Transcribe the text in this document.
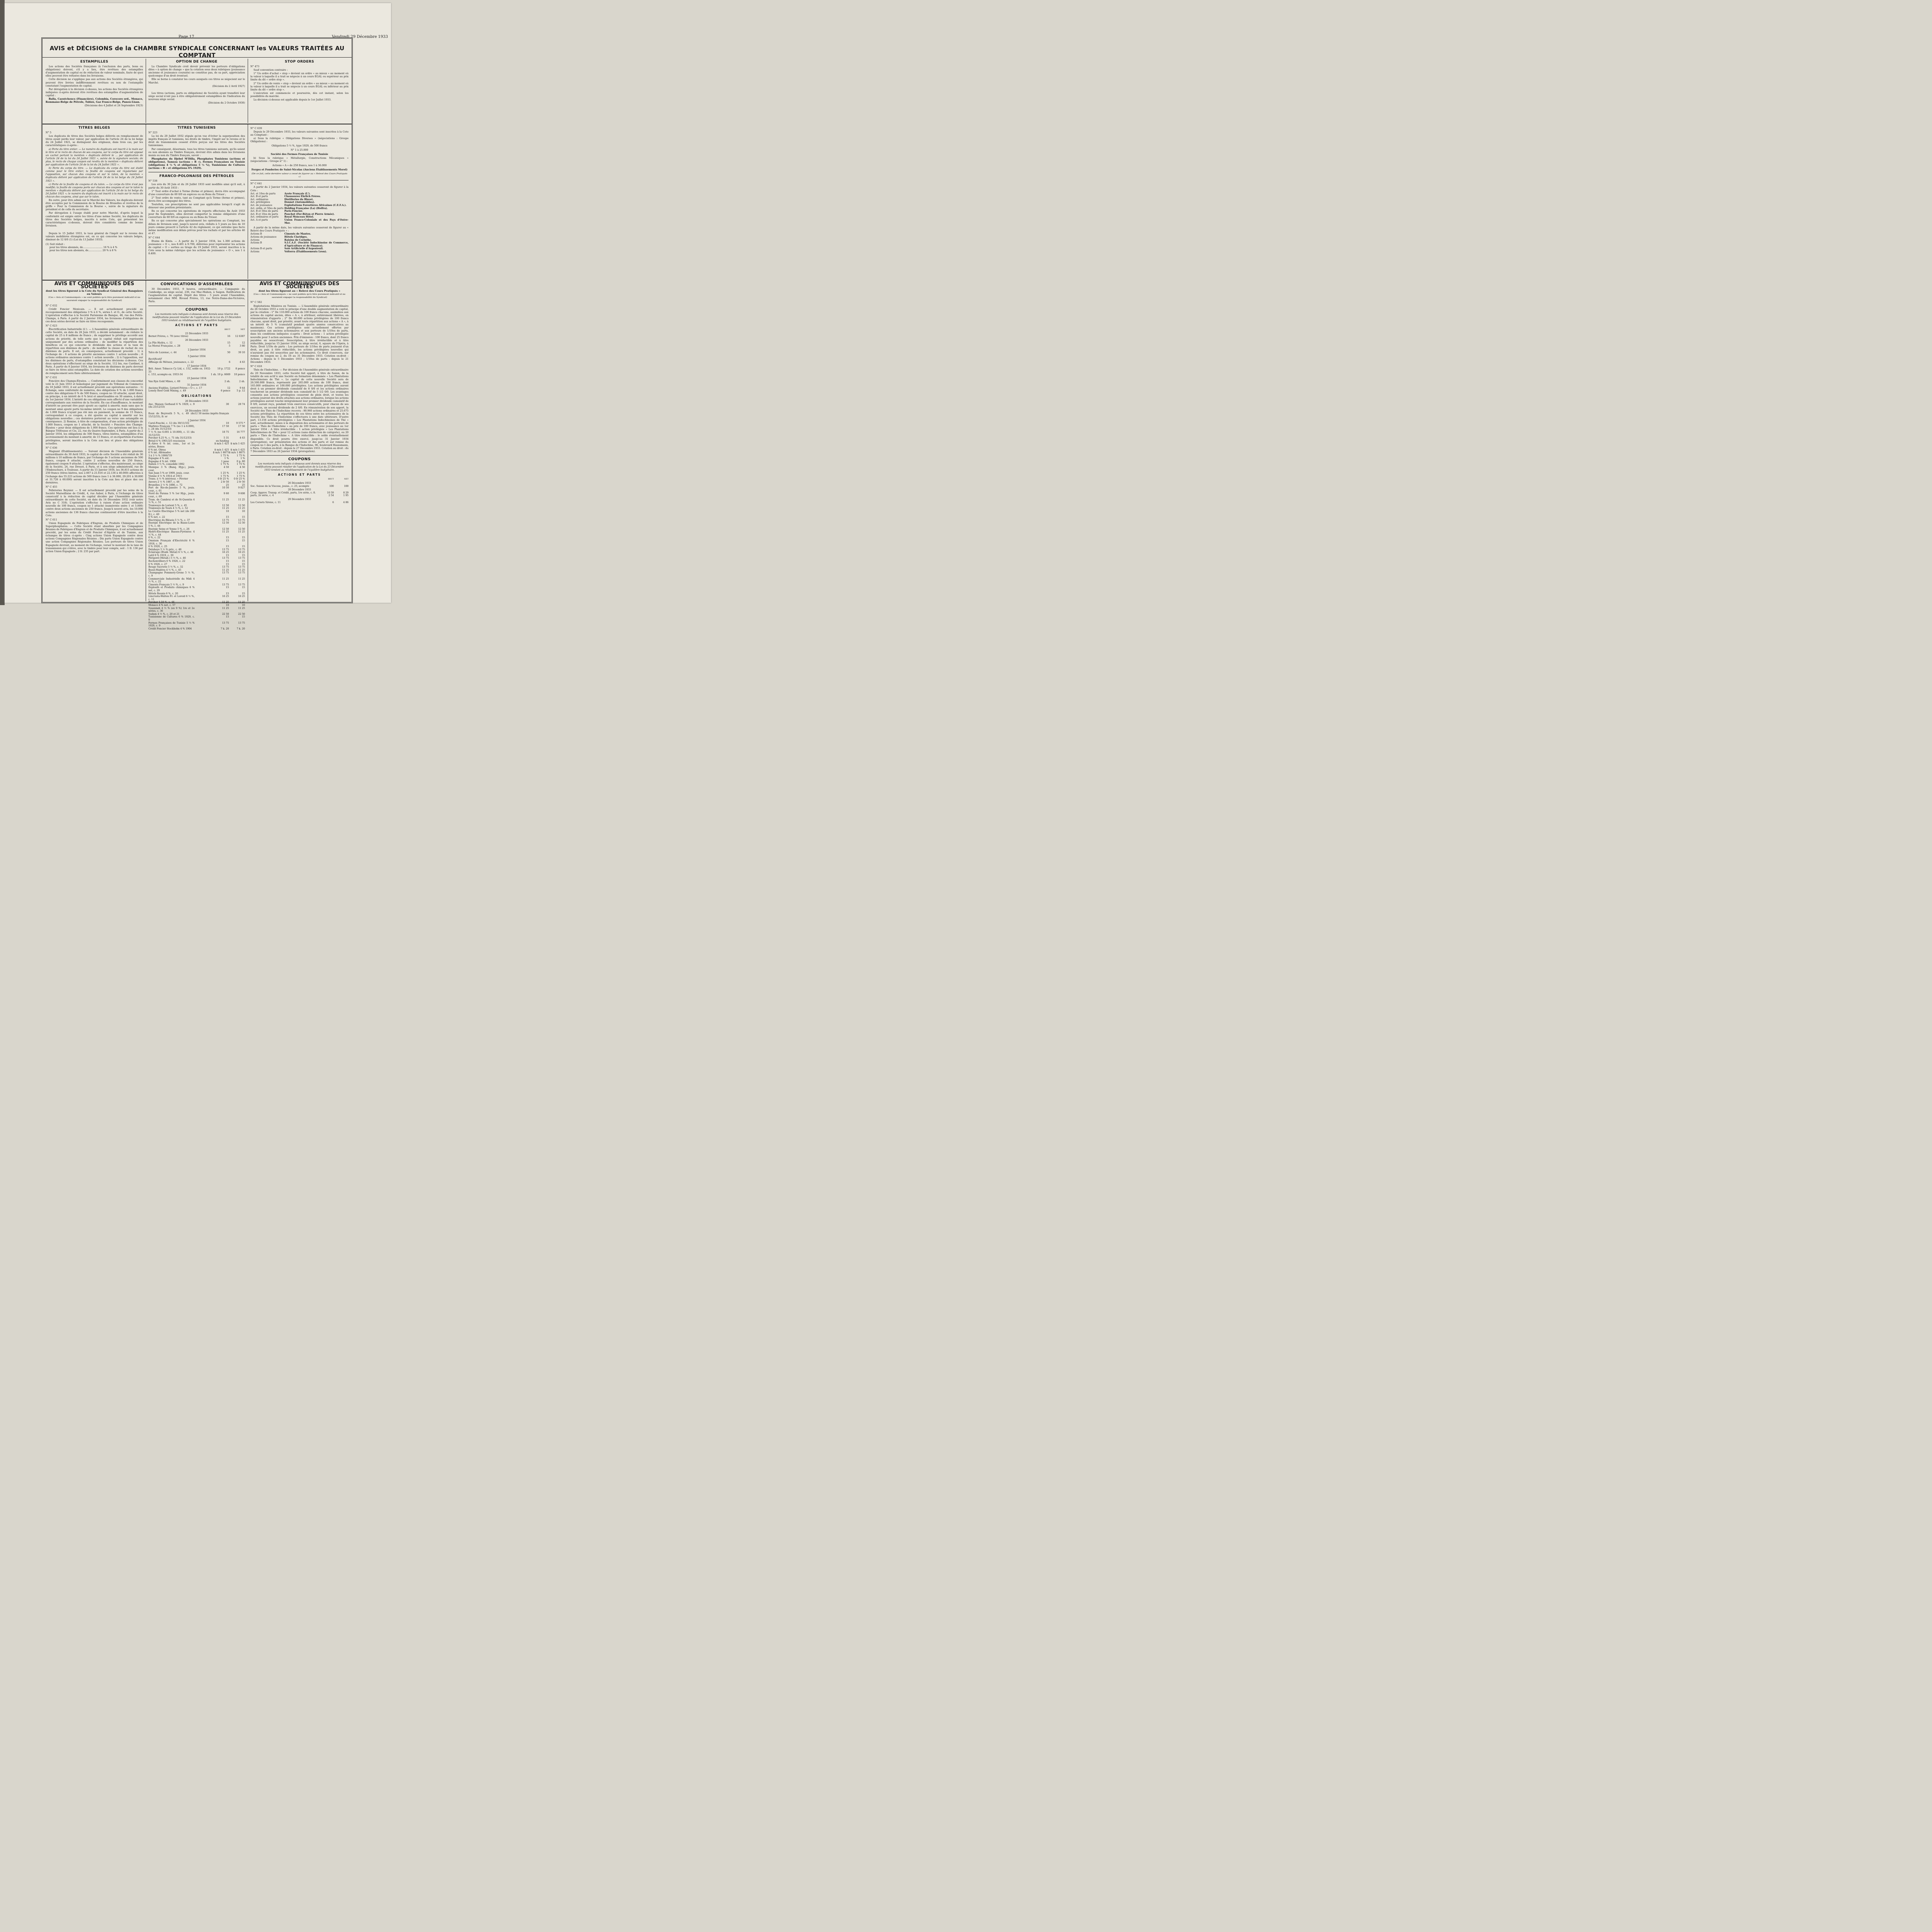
Page 17	Vendredi 29 Décembre 1933
AVIS et DÉCISIONS de la CHAMBRE SYNDICALE CONCERNANT les VALEURS TRAITÉES AU COMPTANT
ESTAMPILLES

Les actions des Sociétés françaises (à l'exclusion des parts, bons ou obligations) doivent, s'il y a lieu, être revêtues des estampilles d'augmentation de capital ou de réduction de valeur nominale, faute de quoi elles peuvent être refusées dans les livraisons.

Cette décision ne s'applique pas aux actions des Sociétés étrangères, qui peuvent être livrées indifféremment revêtues ou non de l'estampille constatant l'augmentation de capital.

Par dérogation à la décision ci-dessus, les actions des Sociétés étrangères indiquées ci-après doivent être revêtues des estampilles d'augmentation de capital :

Balla, Caoutchoucs (Financière), Colombia, Corocoro ord., Monaco, Rommano-Belge de Pétrole, Tubize, Gaz Franco-Belge, Panou-Lisan.

(Décisions des 4 Juillet et 24 Septembre 1923)
OPTION DE CHANGE

La Chambre Syndicale croit devoir prévenir les porteurs d'obligations dites « à option de change » que la cotation sous deux rubriques (jouissance ancienne et jouissance courante) ne constitue pas, de sa part, appréciation quelconque d'un droit éventuel.

Elle se borne à constater les cours auxquels ces titres se négocient sur le Marché.

(Décision du 2 Avril 1927)

Les titres (actions, parts ou obligations) de Sociétés ayant transféré leur siège social n'ont pas à être obligatoirement estampillées de l'indication du nouveau siège social.

(Décision du 2 Octobre 1930)
STOP ORDERS
N° 473

Sauf convention contraire :

1° Un ordre d'achat « stop » devient un ordre « au mieux » au moment où la valeur à laquelle il a trait se négocie à un cours ÉGAL ou supérieur au prix limite du dit « ordre stop ».

2° Un ordre de vente « stop » devient un ordre « au mieux » au moment où la valeur à laquelle il a trait se négocie à un cours ÉGAL ou inférieur au prix limite du dit « ordre stop ».

L'exécution est commencée et poursuivie, dès cet instant, selon les possibilités du marché.

La décision ci-dessus est applicable depuis le 1er Juillet 1933.

TITRES BELGES
N° 5

Les duplicata de titres des Sociétés belges délivrés en remplacement de titres ayant perdu leur valeur, par application de l'article 24 de la loi belge du 24 Juillet 1921, se distinguent des originaux, dans trois cas, par les caractéristiques ci-après :

a) Perte du titre entier. — Le numéro du duplicata est inscrit à la main sur le titre et le recto de chacun de ses coupons, sur le corps du titre est apposé un cachet portant la mention « duplicata délivré le ... par application de l'article 24 de la loi du 24 Juillet 1921 », suivie de la signature sociale; de plus, le recto de chaque coupon est revêtu de la mention « duplicata délivré par application de l'article 24 de la loi du 24 Juillet 1921 ».

b) Perte du corps du titre. — Le duplicata du corps du titre est établi comme pour le titre entier; la feuille de coupons est régularisée par l'apposition, sur chacun des coupons et sur le talon, de la mention « duplicata délivré par application de l'article 24 de la loi belge du 24 Juillet 1921 ».

c) Perte de la feuille de coupons et du talon. — Le corps du titre n'est pas modifié; la feuille de coupons porte sur chacun des coupons et sur le talon la mention « duplicata délivré par application de l'article 24 de la loi belge du 24 Juillet 1921 »; le numéro du duplicata est inscrit à la main sur le recto de chacun des coupons, ainsi que sur le talon.

En outre, pour être admis sur le Marché des Valeurs, les duplicata doivent être acceptés par la Commission de la Bourse de Bruxelles et revêtus de la griffe « Pour la Commission de la Bourse », suivie de la signature du président et de celle du secrétaire.

Par dérogation à l'usage établi pour notre Marché, d'après lequel la conformité est exigée entre les titres d'une même Société, les duplicata de titres des Sociétés belges, inscrits à notre Cote, qui présentent les caractéristiques ci-dessus, doivent être considérés comme de bonne livraison.

Depuis le 15 Juillet 1933, le taux général de l'impôt sur le revenu des valeurs mobilières étrangères est, en ce qui concerne les valeurs belges, diminué de 12 0/0 (1) (Loi du 13 Juillet 1933).

(1) Soit réduit :
pour les titres abonnés, de......................... 16 % à 4 %
pour les titres non abonnés, de................. 20 % à 8 %
TITRES TUNISIENS
N° 223

La loi du 20 Juillet 1932 stipule qu'en vue d'éviter la superposition des impôts français et tunisiens, les droits de timbre, l'impôt sur le revenu et le droit de transmission cessent d'être perçus sur les titres des Sociétés tunisiennes.

Par conséquent, désormais, tous les titres tunisiens suivants, qu'ils soient ou non abonnés au Timbre français, devront être admis dans les livraisons munis ou non du Timbre français, savoir :

Phosphates du Djebel M'Dilla, Phosphates Tunisiens (actions et obligations), Tameza (actions « B »), Fermes Françaises en Tunisie (obligations 4 ½ % et obligations 5 ½ %), Tunisienne de Cultures (actions « B » et obligations 6% 1929).

FRANCO-POLONAISE DES PÉTROLES
N° 538

Les avis du 30 Juin et du 26 Juillet 1933 sont modifiés ainsi qu'il suit, à partir du 30 Août 1933 :

1° Tout ordre d'achat à Terme (ferme et primes), devra être accompagné d'une couverture de 60 0/0 en espèces ou en Bons du Trésor ;

2° Tout ordre de vente, tant au Comptant qu'à Terme (ferme et primes), devra être accompagné des titres.

Toutefois, ces prescriptions ne sont pas applicables lorsqu'il s'agit de dénouer une position préexistante.

En ce qui concerne les opérations de reports effectuées fin Août 1933 pour fin Septembre, elles devront comporter la remise obligatoire d'une couverture de 60 0/0 en espèces ou en Bons du Trésor.

En ce qui concerne plus spécialement les opérations au Comptant, les délais de livraison sont, jusqu'à nouvel avis, réduits à 5 jours au lieu de 10 jours comme prescrit à l'article 42 du règlement, ce qui entraîne ipso facto même modification aux délais prévus pour les rachats et par les articles 46 et 47.

N° C 644

Etains de Kinta. — A partir du 3 Janvier 1934, les 1.300 actions de jouissance « O », nos 8.401 à 9.700, délivrées pour représenter les actions de capital « O » sorties au tirage du 19 Juillet 1933, seront inscrites à la Cote sous la même rubrique que les actions de jouissance « O », nos 1 à 8.400.

N° C 639

Depuis le 29 Décembre 1933, les valeurs suivantes sont inscrites à la Cote au Comptant :

a) Sous la rubrique « Obligations Diverses » (négociations : Groupe Obligations) :

Obligations 5 ½ %, type 1929, de 500 francs
N° 1 à 25.000
Société des Fermes Françaises de Tunisie

b) Sous la rubrique « Métallurgie, Constructions Mécaniques » (négociations : Groupe n° 1) :

Actions « A » de 250 francs, nos 1 à 36.000
Forges et Fonderies de Saint-Nicolas (Anciens Établissements Morel)
(De ce fait, cette dernière valeur a cessé de figurer au « Relevé des Cours Pratiqués »)
N° C 641

A partir du 2 Janvier 1934, les valeurs suivantes cesseront de figurer à la Cote :

Act. et 10es de parts	Azote Français (L').
Act. B et parts	Chaussures Ehrlich Frères.
Act. ordinaires	Distilleries du Blavet.
Act. privilégiées	Donnet (Automobiles).
Act. de jouissance	Exploitations Forestières Africaines (C.E.F.A.).
Act. ordin. et 50es de parts	Holding Française (La) (Holfra).
Act. B et 50es de parts	Paris-Foncier.
Act. B et 10es de parts	Pauchot (Fer-Béton et Pierre Armée).
Act. ordinaires et parts	Royal Monceau Hôtel.
Act. A et parts	Union Franco-Coloniale et des Pays d'Outre-Mer.

A partir de la même date, les valeurs suivantes cesseront de figurer au « Relevé des Cours Pratiqués » :

Actions B	Ciments de Mantes.
Actions de jouissance	Hôtels Claridges.
Actions	Raisins de Corinthe.
Actions B	S.I.C.A.F. (Société Indochinoise de Commerce, d'Agriculture et de Finance).
Actions B et parts	Soie Artificielle d'Argenteuil.
Actions	Volterra (Établissements Léon).
AVIS ET COMMUNIQUÉS DES SOCIÉTÉS
dont les titres figurent à la Cote du Syndicat Général des Banquiers en Valeurs
(Ces « Avis et Communiqués » ne sont publiés qu'à titre purement indicatif et ne sauraient engager la responsabilité du Syndicat)
N° C 632

Crédit Foncier Mexicain. — Il est actuellement procédé au recouponnement des obligations 3 % à 6 %, séries I. et O., de cette Société. L'opération s'effectue à la Société Parisienne de Banque, 48, rue des Petits-Champs, à Paris. A partir du 2 Janvier 1934, les livraisons d'obligations de ces deux séries devront se faire en titres recouponnés.

N° C 623

Électrification Industrielle (L'). — L'Assemblée générale extraordinaire de cette Société, en date du 26 Juin 1933, a décidé notamment : de réduire le capital de 25 à 8 millions de francs ; de supprimer le privilège accordé aux actions de priorité, de telle sorte que le capital réduit soit représenté uniquement par des actions ordinaires ; de modifier la répartition des bénéfices en ce qui concerne le dividende des actions et la taux de répartition aux dixièmes de parts ; de modifier la clause de rachat de ces dixièmes de parts. Il est, en conséquence, actuellement procédé : 1) à l'échange de : 6 actions de priorité anciennes contre 1 action nouvelle ; 8 actions ordinaires anciennes contre 1 action nouvelle ; 2) à l'apposition, sur les dixièmes de parts, d'estampilles constatant les décisions ci-dessus. Ces deux opérations s'effectuent au siège de la Société, 112 bis, rue Cardinet, à Paris. A partir du 8 Janvier 1934, les livraisons de dixièmes de parts devront se faire en titres ainsi estampillés. La date de cotation des actions nouvelles de remplacement sera fixée ultérieurement.

N° C 631

Foncière des Champs-Élysées. — Conformément aux clauses du concordat voté le 21 Juin 1933 et homologué par jugement du Tribunal de Commerce du 18 Juillet 1933, il est actuellement procédé aux opérations suivantes : 1) Échange, sans conformité de numéros, des obligations 6 % de 1.000 francs contre des obligations 6 % de 500 francs, coupon no 10 attaché, ayant droit, en principe, à un intérêt de 6 % brut et amortissables en 30 années, à dater du 1er Janvier 1934. L'intérêt de ces obligations sera affecté d'une variabilité correspondante aux rentrées de la Société. En cas d'insuffisance, le montant d'intérêt ne pouvant être payé ajouté au capital à amortir, mais sans que le montant ainsi ajouté porte lui-même intérêt. Le coupon no 9 des obligations de 1.000 francs n'ayant pas été mis en paiement, la somme de 15 francs, correspondant à ce coupon, a été ajoutée au capital à amortir sur les obligations nouvelles ; ces dernières porteront au verso une estampille en conséquence. 2) Remise, à titre de compensation, d'une action privilégiée de 1.000 francs, coupon no 1 attaché, de la Société « Foncière des Champs-Élysées » pour deux obligations de 1.000 francs. Ces opérations ont lieu à la Banque Tréfousse et Cie, 22, rue du Quatre-Septembre, à Paris. A partir du 2 Janvier 1934, les obligations de 500 francs, titres bistres, estampillées d'un accroissement du montant à amortir, de 15 francs, et ex-répartition d'actions privilégiées, seront inscrites à la Cote aux lieu et place des obligations actuelles.

N° C 636

Magnant (Établissements). — Suivant décision de l'Assemblée générale extraordinaire du 30 Avril 1933, le capital de cette Société a été réduit de 30 millions à 10 millions de francs, par l'échange de 3 actions anciennes de 500 francs, coupon 8 attaché, contre 2 actions nouvelles de 250 francs, également coupon 9 attaché. L'opération s'effectue, dès maintenant, au siège de la Société, 24, rue Drouot, à Paris, et à son siège administratif, rue de l'Embouchure, à Toulouse. A partir du 15 Janvier 1934, les 36.815 actions de 250 francs (titres bistres, nos 2.667 à 21.616 et 22.136 à 40.000) affectées à l'échange des 55.223 actions de 500 francs (nos 1 à 36.000, 29.201 à 30.000 et 31.726 à 60.000) seront inscrites à la Cote aux lieu et place des ces dernières.

N° C 455

Pelleteries Reynier. — Il est actuellement procédé par les soins de la Société Marseillaise de Crédit, 4, rue Auber, à Paris, à l'échange de titres consécutif à la réduction de capital décidée par l'Assemblée générale extraordinaire de cette Société, en date du 14 Décembre 1932 (voir notre Avis no C 318). L'opération s'effectue à raison d'une action ordinaire nouvelle de 100 francs, coupon no 1 attaché (numérotée entre 1 et 5.000) contre deux actions anciennes de 250 francs. Jusqu'à nouvel avis, les 10.000 actions anciennes de 136 francs chacune continueront d'être inscrites à la Cote.

N° C 611

Union Espagnole de Fabriques d'Engrais, de Produits Chimiques et de Superphosphates. — Cette Société étant absorbée par les Compagnies Réunies de Fabriques d'Engrais et de Produits Chimiques, il est actuellement procédé, par les soins du Crédit Foncier d'Algérie et de Tunisie, aux échanges de titres ci-après : Cinq actions Union Espagnole contre deux actions Compagnies Régionales Réunies ; Dix parts Union Espagnole contre une action Compagnies Régionales Réunies. Les porteurs de titres Union Espagnole devront, au moment de l'échange, verser le montant de la taxe de transmission qui s'élève, avec le timbre pour leur compte, soit : 1 fr. 136 par action Union Espagnole ; 2 fr. 235 par part.

CONVOCATIONS D'ASSEMBLÉES

30 Décembre 1933, 9 heures, extraordinaire. — Compagnie du Cambodge, au siège social, 236, rue Mac-Mahon, à Saigon. Ratification de l'augmentation de capital. Dépôt des titres : 5 jours avant l'Assemblée, notamment chez MM. Rivaud Frères, 13, rue Notre-Dame-des-Victoires, Paris.

COUPONS
Les montants nets indiqués ci-dessous sont donnés sous réserve des modifications pouvant résulter de l'application de la Loi du 23 Décembre 1933 tendant au rétablissement de l'équilibre budgétaire.
ACTIONS ET PARTS
	BRUT	NET
23 Décembre 1933		
Bernot Frères, c. 78 (avec titres)	16	12 6387
26 Décembre 1933		
La Pile Hydra, c. 12	15	12
La Morue Française, c. 28	5	3 80
2 Janvier 1934		
Talcs de Luzenac, c. 44	50	39 10
5 Janvier 1934		
Rectificatif		
Affinage de Métaux, jouissance, c. 22	6	4 63
17 Janvier 1934		
Brit. Amer. Tobacco Cy Ltd, c. 152, solde ex. 1932-33	10 p. 1722	8 pence
c. 153, acompte ex. 1933-34	1 sh. 10 p. 6669	10 pence
23 Janvier 1934		
Van Ryn Gold Mines, c. 60	2 sh.	2 sh.
31 Janvier 1934		
Anciens Etabliss. Liotard Frères « O », c. 17	12	9 44
Lonely Reef Gold Mining, c. 49	6 pence	5 p. 12
OBLIGATIONS
26 Décembre 1933		
Anc. Maison Gerbaud 6 % 1929, c. 9 (du 25/12/33)	30	28 74
28 Décembre 1933		
Eaux de Beyrouth 5 %, c. 49 (du 15/12/33), fr. or	12 50 moins impôts français	
2 Janvier 1934		
Carel-Fouché, c. 12 (du 30/11/33)	10	9 575 *
Marbres Français 7 % (no 1 à 6.000), c. 24 (du 31/12/33)	17 50	17 50
7 ½ % (no 6.001 à 10.000), c. 11 (du 31/12/33)	18 75	16 777
Porcher 4.25 %, c. 71 (du 31/12/33)	5 31	4 63
Brésil 4 % 1901/2/5 rescission	en funding	
B.-Aires 6 % int. cons., 1er et 2e séries, Bonos	$ m/n 1 425	$ m/n 1 425
6 % int. Obras	$ m/n 1 425	$ m/n 1 425
6 % int. Afirmados	$ m/n 1 8875	$ m/n 1 8875
3 à 3 ½ % 1906/7/9	1 75 %	1 75 %
Espagne 4 % ext.	1 %	1 %
Espagne 4 % int. 1908	1 peso	0 p. 80
Italien 3 ½ %, consolidé 1902	1 75 %	1 75 %
Mexique 3 % (Banq. Hyp.), jouis. cour.	4 50	4 50
San Juan 5 % or 1909, jouis. cour.	1 25 %	1 25 %
Vienne 4 ½ % 1914 et 1915	1 75 %	1 75 %
Trans. à ½ % intérieur, « Février	0 fr 25 %	0 fr 25 %
Anvers 2 ½ % 1887, c. 46	2 fr 50	2 fr 50
Bruxelles 2 ½ % 1886, c. 72	25	25
Port de Rio-de-Janeiro 5 %, jouis. cour., c. 61	10 50	9 827
Nord du Parana 5 % 1er Hyp., jouis. cour., c. 69	9 60	9 608
Tram. de Cambrai et de St-Quentin 4 ½ %, c. 51	11 25	11 25
Tramways de Lorient 5 %, c. 45	12 50	12 50
Tramways de Tours 4 ½ %, c. 52	11 25	11 25
Le Centre Electrique 5 % net (de 200 fr.), c. 40	10	10
6 % net, c. 22	15	15
Electrique du Blésois 5 ½ %, c. 37	13 75	13 75
Energie Electrique de la Basse-Loire 5 %, c. 44	12 50	12 50
Energie Seine et Yonne 5 %, c. 26	12 50	12 50
Hydro-Electrique Basses-Pyrénées 4 ½ %, c. 44	11 25	11 25
6 %, c. 22	15	15
Omnium Français d'Electricité 6 % 1918, c. 36	15	15
6 % 1920, c. 25	15	15
Delahaye 5 ½ % priv., c. 46	13 75	13 75
Eclairage (Établ. Métal) 6 ½ %, c. 46	16 25	16 25
Latil 6 % 1919, c. 30	15	15
Périgord (Métall.) 5 ½ %, c. 46	13 75	13 75
Rochonvilliers 6 % 1926, c. 22	15	15
6 % 1926, c. 27	15	15
Rouge Sucrerie 5 ½ %, c. 32	13 75	13 75
Bozel-Malétra 4 ½ %, c. 45	11 25	11 25
Champagne Pommery-Greno 5 ½ %, c. 9	13 75	13 75
Commerciale Industrielle du Midi 4 ½ %, c. 22	11 25	11 25
Ciments Français 5 ½ %, c. 9	13 75	13 75
Explosifs et Produits chimiques 6 % net, c. 29	15	15
Hôtels Reunis 6 %, c. 20	15	15
Lincrusta-Walton Fr. et Loreid 6 ½ %, c. 11	16 25	16 25
Porcher 4,50 %, c. 46	11 25	11 25
Monaco 4 % net, c. 57	10	10
Susannah 4 ½ % (ex 9 %) 1re et 2e séries, c. 36	11 25	11 25
Sudam 4 ½ %, c. 20 et 21	22 50	22 50
Tunisienne de Cultures 6 % 1929, c. 9	15	15
Fermes Françaises de Tunisie 5 ½ % 1929, c. 9	13 75	13 75
Crédit Foncier Stockholm 4 % 1904	7 k. 20	7 k. 20
AVIS ET COMMUNIQUÉS DES SOCIÉTÉS
dont les titres figurent au « Relevé des Cours Pratiqués »
(Ces « Avis et Communiqués » ne sont publiés qu'à titre purement indicatif et ne sauraient engager la responsabilité du Syndicat)
N° C 582

Exploitations Minières en Tunisie. — L'Assemblée générale extraordinaire du 26 Octobre 1933 a voté le principe d'une double augmentation de capital, par la création : 1° De 110.000 actions de 100 francs chacune, assimilées aux actions du capital ancien, dites « A », à attribuer, entièrement libérées, en rémunération d'apports ; 2° De 80.000 actions privilégiées de 100 francs chacune, ayant droit, par priorité, avant toute répartition aux actions « A », à un intérêt de 5 % (cumulatif pendant quatre années consécutives au maximum). Ces actions privilégiées sont actuellement offertes par souscription aux anciens actionnaires et aux porteurs de 1/10es de parts, dans les conditions indiquées ci-après : Droit actions : 1 action privilégiée nouvelle pour 3 action anciennes. Prix d'émission : 100 francs, dont 25 francs payables en souscrivant. Souscription, à titre irréductible et à titre réductible, jusqu'au 15 Janvier 1934, au siège social, 6, square de l'Opéra, à Paris. Droit 1/10e de parts : Les porteurs de 1/10es de parts jouissent d'un droit, au pair, à titre réductible, les actions privilégiées nouvelles qui n'auraient pas été souscrites par les actionnaires. Ce droit s'exercera, sur remise du coupon no 2, du 16 au 31 Décembre 1933. Cotation ex-droit : Actions : depuis le 5 Décembre 1933 ; 1/10es de parts : depuis le 21 Décembre 1933.

N° C 618

Thés de l'Indochine. — Par décision de l'Assemblée générale extraordinaire du 20 Novembre 1933, cette Société fait apport, à titre de fusion, de la totalité de son actif à une Société en formation dénommée « Les Plantations Indochinoises de Thé ». Le capital de cette nouvelle Société sera de 26.500.000 francs, représenté par 265.000 actions de 100 francs, dont 165.000 ordinaires et 100.000 privilégiées. Les actions privilégiées auront droit à un premier dividende cumulatif de 8 0/0 et les actions ordinaires toucheront un premier dividende non cumulatif de 5 1/2 0/0. Les avantages consentis aux actions privilégiées cesseront de plein droit, et toutes les actions jouiront des droits attachés aux actions ordinaires, lorsque les actions privilégiées auront touché intégralement leur premier dividende cumulatif de 8 0/0, aurant reçu, pendant trois exercices consécutifs, pour chacun de ses exercices, un second dividende de 2 0/0. En rémunération de son apport, la Société des Thés de l'Indochine recevra : 80.960 actions ordinaires et 25.675 actions privilégiées. La répartition de ces titres entre les actionnaires de la Société des Thés de l'Indochine s'effectuera à une date ultérieure. D'autre part, 13.156 actions privilégiées « Les Plantations Indochinoises de Thé » sont, actuellement, mises à la disposition des actionnaires et des porteurs de parts « Thés de l'Indochine » au prix de 100 francs, avec jouissance au 1er Janvier 1934 : A titre irréductible : 1 action privilégiée « Les Plantations Indochinoises de Thé » pour 12 actions (sans distinction de catégorie), ou 20 parts « Thés de l'Indochine ». A titre réductible : le solde éventuellement disponible. Ce droit pourra être exercé, jusqu'au 31 Janvier 1934 (prorogation), sur présentation des actions et des parts et sur remise du coupon no 1 des parts, à la Banque de l'Indochine, 96, boulevard Haussmann, à Paris. Cotation ex-droit : depuis le 27 Décembre 1933. Cotation au droit : du 7 Décembre 1933 au 26 Janvier 1934 (prorogation).

COUPONS
Les montants nets indiqués ci-dessous sont donnés sous réserve des modifications pouvant résulter de l'application de la Loi du 23 Décembre 1933 tendant au rétablissement de l'équilibre budgétaire.
ACTIONS ET PARTS
	BRUT	NET
26 Décembre 1933		
Soc. Suisse de la Viscose, jouiss., c. 25, acompte	100	100
28 Décembre 1933		
Coop. Approv. Transp. et Crédit, parts, 1re série, c. 8.	10 59	8 29
parts, 2e série, c. 4	2 54	1 95
29 Décembre 1933		
Les Corsets Sirene, c. 11	6	4 86
